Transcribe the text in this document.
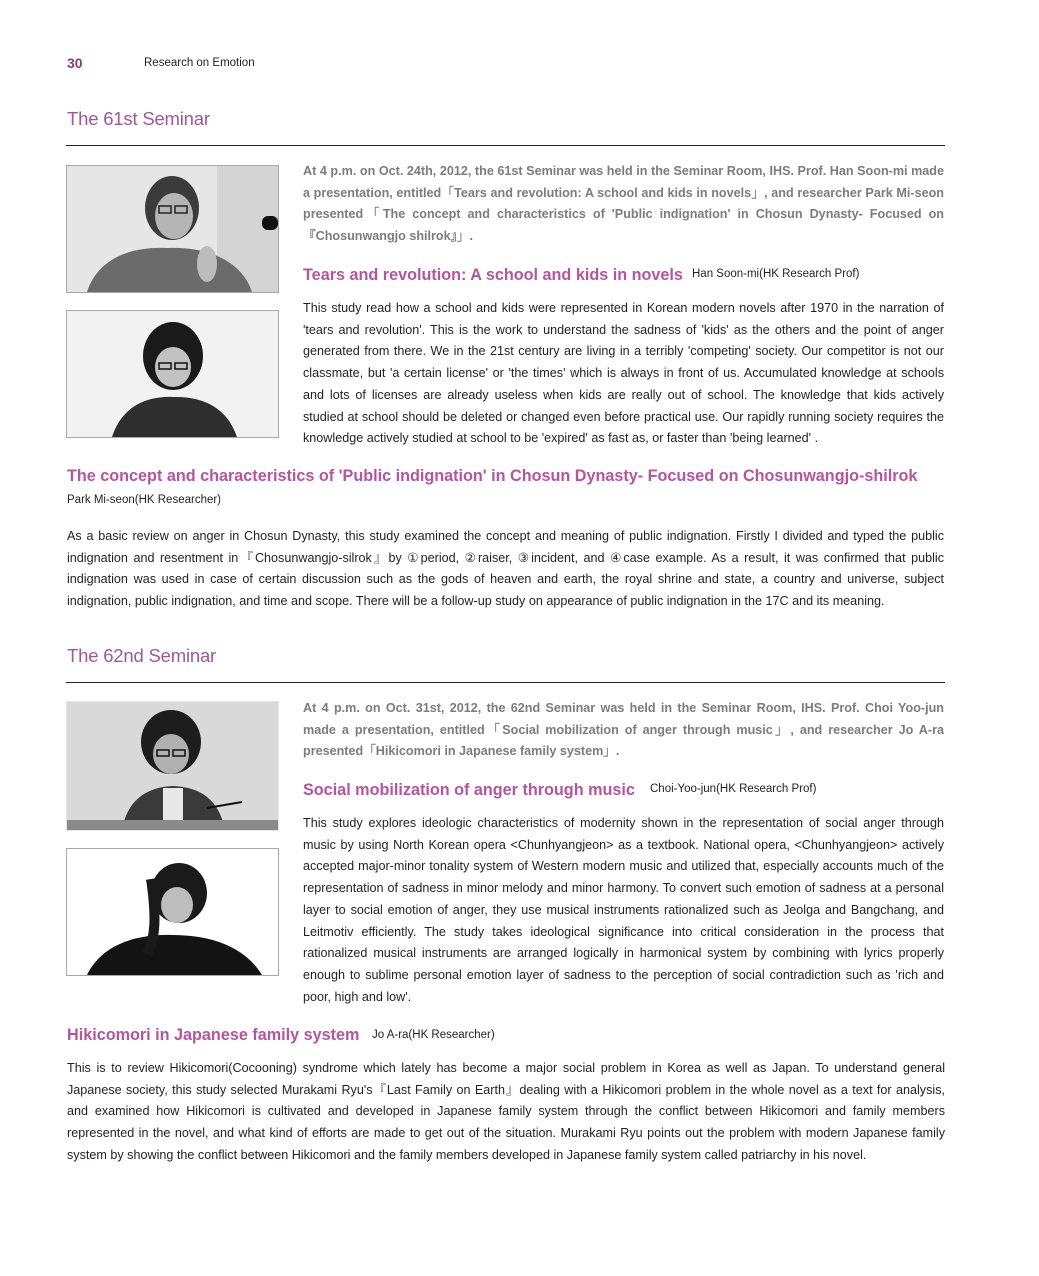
30	Research on Emotion
The 61st Seminar

At 4 p.m. on Oct. 24th, 2012, the 61st Seminar was held in the Seminar Room, IHS. Prof. Han Soon-mi made a presentation, entitled「Tears and revolution: A school and kids in novels」, and researcher Park Mi-seon presented「The concept and characteristics of 'Public indignation' in Chosun Dynasty- Focused on『Chosunwangjo shilrok』」.

Tears and revolution: A school and kids in novels Han Soon-mi(HK Research Prof)

This study read how a school and kids were represented in Korean modern novels after 1970 in the narration of 'tears and revolution'. This is the work to understand the sadness of 'kids' as the others and the point of anger generated from there. We in the 21st century are living in a terribly 'competing' society. Our competitor is not our classmate, but 'a certain license' or 'the times' which is always in front of us. Accumulated knowledge at schools and lots of licenses are already useless when kids are really out of school. The knowledge that kids actively studied at school should be deleted or changed even before practical use. Our rapidly running society requires the knowledge actively studied at school to be 'expired' as fast as, or faster than 'being learned' .

The concept and characteristics of 'Public indignation' in Chosun Dynasty- Focused on Chosunwangjo-shilrok
Park Mi-seon(HK Researcher)

As a basic review on anger in Chosun Dynasty, this study examined the concept and meaning of public indignation. Firstly I divided and typed the public indignation and resentment in『Chosunwangjo-silrok』by ①period, ②raiser, ③incident, and ④case example. As a result, it was confirmed that public indignation was used in case of certain discussion such as the gods of heaven and earth, the royal shrine and state, a country and universe, subject indignation, public indignation, and time and scope. There will be a follow-up study on appearance of public indignation in the 17C and its meaning.

The 62nd Seminar

At 4 p.m. on Oct. 31st, 2012, the 62nd Seminar was held in the Seminar Room, IHS. Prof. Choi Yoo-jun made a presentation, entitled「Social mobilization of anger through music」, and researcher Jo A-ra presented「Hikicomori in Japanese family system」.

Social mobilization of anger through music Choi-Yoo-jun(HK Research Prof)

This study explores ideologic characteristics of modernity shown in the representation of social anger through music by using North Korean opera <Chunhyangjeon> as a textbook. National opera, <Chunhyangjeon> actively accepted major-minor tonality system of Western modern music and utilized that, especially accounts much of the representation of sadness in minor melody and minor harmony. To convert such emotion of sadness at a personal layer to social emotion of anger, they use musical instruments rationalized such as Jeolga and Bangchang, and Leitmotiv efficiently. The study takes ideological significance into critical consideration in the process that rationalized musical instruments are arranged logically in harmonical system by combining with lyrics properly enough to sublime personal emotion layer of sadness to the perception of social contradiction such as 'rich and poor, high and low'.

Hikicomori in Japanese family system Jo A-ra(HK Researcher)

This is to review Hikicomori(Cocooning) syndrome which lately has become a major social problem in Korea as well as Japan. To understand general Japanese society, this study selected Murakami Ryu's『Last Family on Earth』dealing with a Hikicomori problem in the whole novel as a text for analysis, and examined how Hikicomori is cultivated and developed in Japanese family system through the conflict between Hikicomori and family members represented in the novel, and what kind of efforts are made to get out of the situation. Murakami Ryu points out the problem with modern Japanese family system by showing the conflict between Hikicomori and the family members developed in Japanese family system called patriarchy in his novel.
